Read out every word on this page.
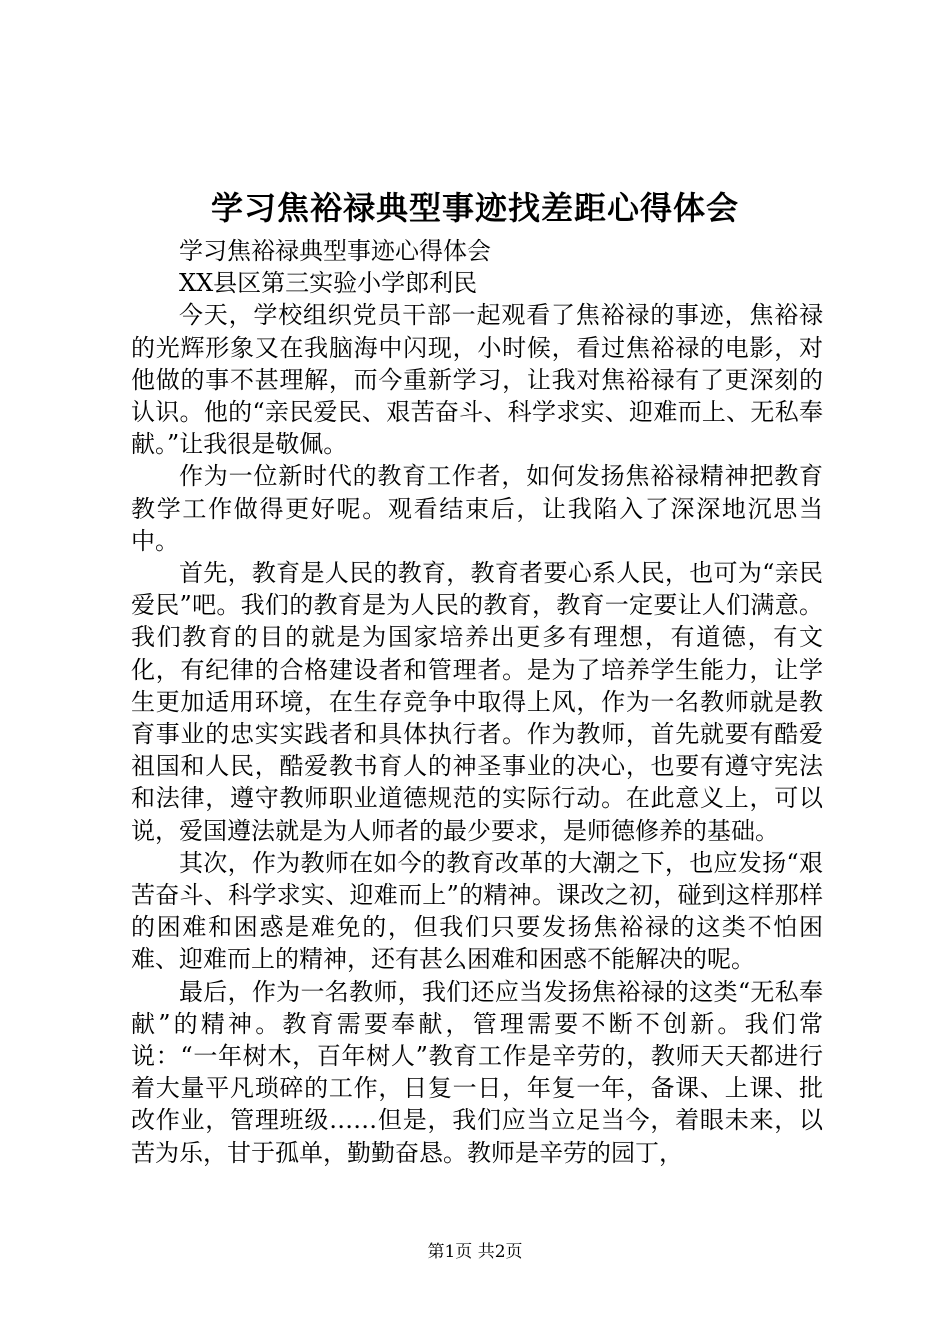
学习焦裕禄典型事迹找差距心得体会

学习焦裕禄典型事迹心得体会

XX县区第三实验小学郎利民

今天，学校组织党员干部一起观看了焦裕禄的事迹，焦裕禄的光辉形象又在我脑海中闪现，小时候，看过焦裕禄的电影，对他做的事不甚理解，而今重新学习，让我对焦裕禄有了更深刻的认识。他的“亲民爱民、艰苦奋斗、科学求实、迎难而上、无私奉献。”让我很是敬佩。

作为一位新时代的教育工作者，如何发扬焦裕禄精神把教育教学工作做得更好呢。观看结束后，让我陷入了深深地沉思当中。

首先，教育是人民的教育，教育者要心系人民，也可为“亲民爱民”吧。我们的教育是为人民的教育，教育一定要让人们满意。我们教育的目的就是为国家培养出更多有理想，有道德，有文化，有纪律的合格建设者和管理者。是为了培养学生能力，让学生更加适用环境，在生存竞争中取得上风，作为一名教师就是教育事业的忠实实践者和具体执行者。作为教师，首先就要有酷爱祖国和人民，酷爱教书育人的神圣事业的决心，也要有遵守宪法和法律，遵守教师职业道德规范的实际行动。在此意义上，可以说，爱国遵法就是为人师者的最少要求，是师德修养的基础。

其次，作为教师在如今的教育改革的大潮之下，也应发扬“艰苦奋斗、科学求实、迎难而上”的精神。课改之初，碰到这样那样的困难和困惑是难免的，但我们只要发扬焦裕禄的这类不怕困难、迎难而上的精神，还有甚么困难和困惑不能解决的呢。

最后，作为一名教师，我们还应当发扬焦裕禄的这类“无私奉献”的精神。教育需要奉献，管理需要不断不创新。我们常说：“一年树木，百年树人”教育工作是辛劳的，教师天天都进行着大量平凡琐碎的工作，日复一日，年复一年，备课、上课、批改作业，管理班级……但是，我们应当立足当今，着眼未来，以苦为乐，甘于孤单，勤勤奋恳。教师是辛劳的园丁，

第1页 共2页
